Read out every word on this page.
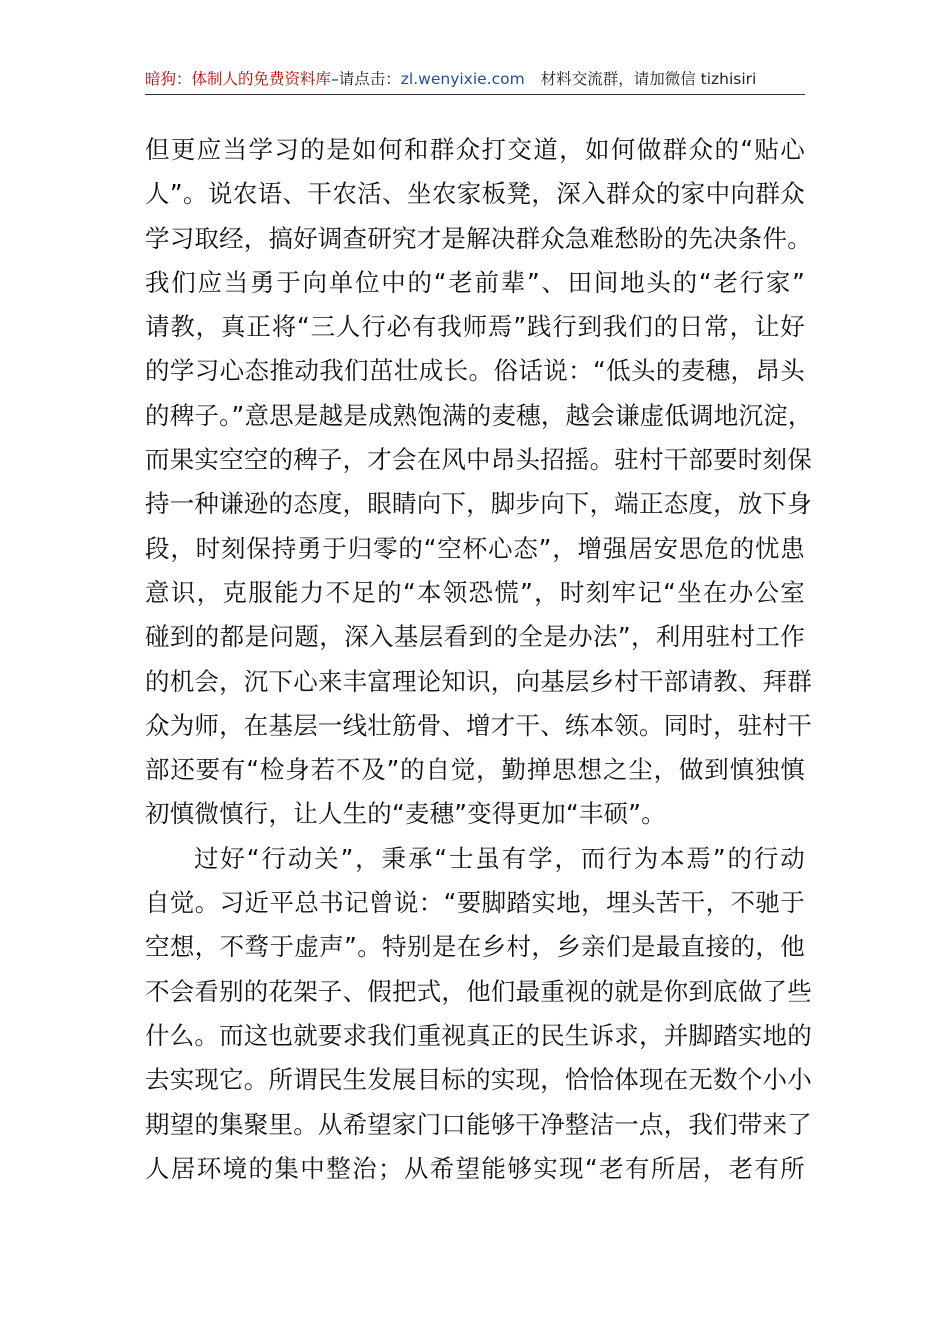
暗狗：体制人的免费资料库–请点击：zl.wenyixie.com 材料交流群，请加微信 tizhisiri
但更应当学习的是如何和群众打交道，如何做群众的“贴心
人”。说农语、干农活、坐农家板凳，深入群众的家中向群众
学习取经，搞好调查研究才是解决群众急难愁盼的先决条件。
我们应当勇于向单位中的“老前辈”、田间地头的“老行家”
请教，真正将“三人行必有我师焉”践行到我们的日常，让好
的学习心态推动我们茁壮成长。俗话说：“低头的麦穗，昂头
的稗子。”意思是越是成熟饱满的麦穗，越会谦虚低调地沉淀，
而果实空空的稗子，才会在风中昂头招摇。驻村干部要时刻保
持一种谦逊的态度，眼睛向下，脚步向下，端正态度，放下身
段，时刻保持勇于归零的“空杯心态”，增强居安思危的忧患
意识，克服能力不足的“本领恐慌”，时刻牢记“坐在办公室
碰到的都是问题，深入基层看到的全是办法”，利用驻村工作
的机会，沉下心来丰富理论知识，向基层乡村干部请教、拜群
众为师，在基层一线壮筋骨、增才干、练本领。同时，驻村干
部还要有“检身若不及”的自觉，勤掸思想之尘，做到慎独慎
初慎微慎行，让人生的“麦穗”变得更加“丰硕”。
过好“行动关”，秉承“士虽有学，而行为本焉”的行动
自觉。习近平总书记曾说：“要脚踏实地，埋头苦干，不驰于
空想，不骛于虚声”。特别是在乡村，乡亲们是最直接的，他
不会看别的花架子、假把式，他们最重视的就是你到底做了些
什么。而这也就要求我们重视真正的民生诉求，并脚踏实地的
去实现它。所谓民生发展目标的实现，恰恰体现在无数个小小
期望的集聚里。从希望家门口能够干净整洁一点，我们带来了
人居环境的集中整治；从希望能够实现“老有所居，老有所
